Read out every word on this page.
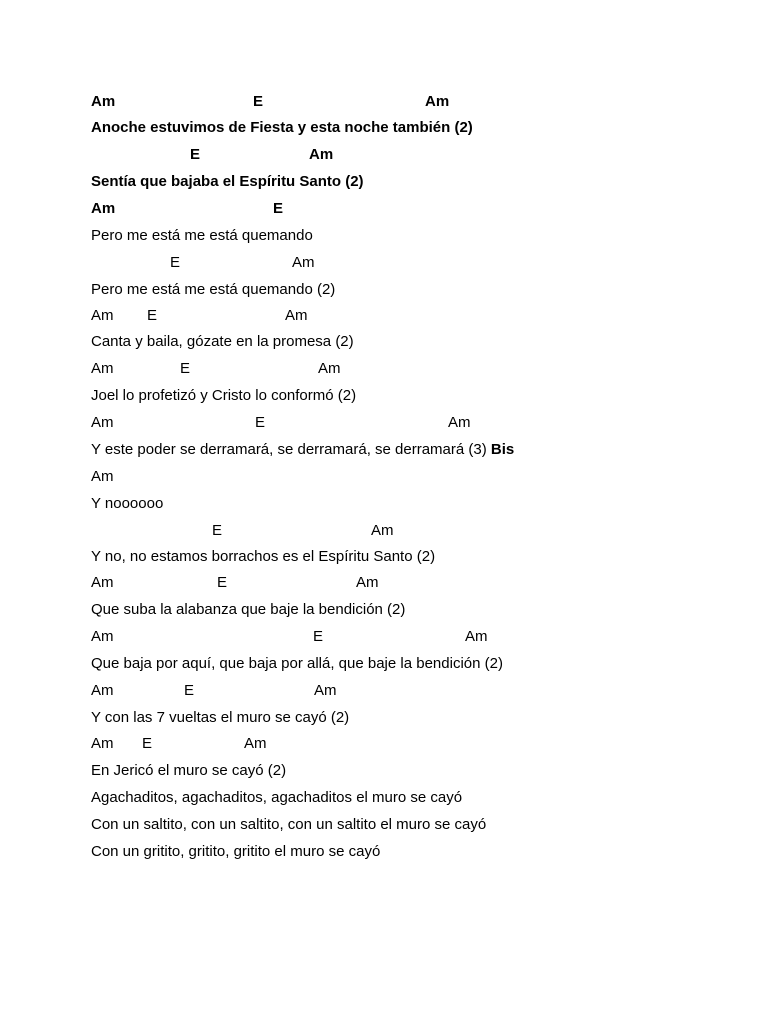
Am	E	Am
Anoche estuvimos de Fiesta y esta noche también (2)
E	Am
Sentía que bajaba el Espíritu Santo (2)
Am	E
Pero me está me está quemando
E	Am
Pero me está me está quemando (2)
Am E	Am
Canta y baila, gózate en la promesa (2)
Am	E	Am
Joel lo profetizó y Cristo lo conformó (2)
Am	E	Am
Y este poder se derramará, se derramará, se derramará (3) Bis
Am
Y noooooo
E	Am
Y no, no estamos borrachos es el Espíritu Santo (2)
Am	E	Am
Que suba la alabanza que baje la bendición (2)
Am	E	Am
Que baja por aquí, que baja por allá, que baje la bendición (2)
Am	E	Am
Y con las 7 vueltas el muro se cayó (2)
Am E	Am
En Jericó el muro se cayó (2)
Agachaditos, agachaditos, agachaditos el muro se cayó
Con un saltito, con un saltito, con un saltito el muro se cayó
Con un gritito, gritito, gritito el muro se cayó
